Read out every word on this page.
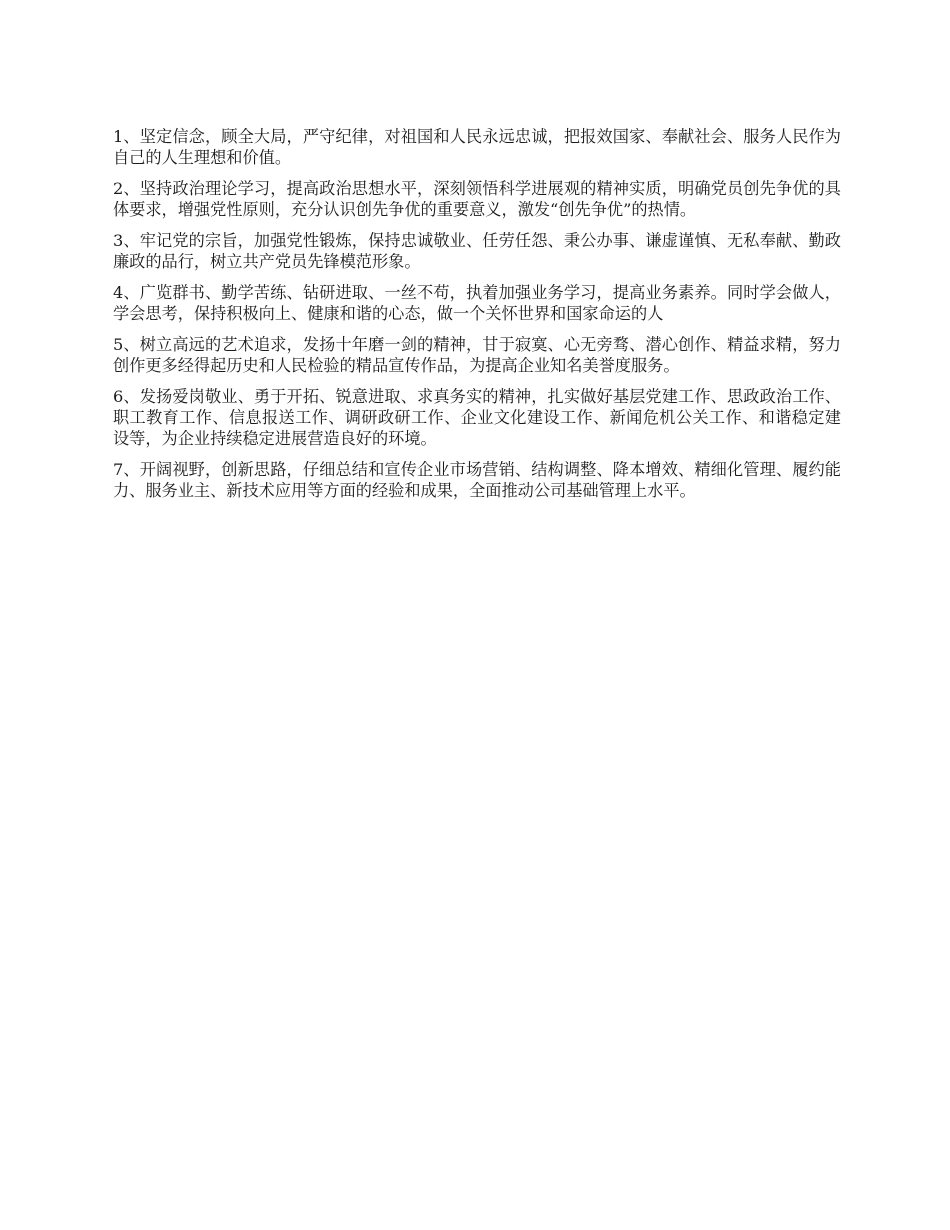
1、坚定信念，顾全大局，严守纪律，对祖国和人民永远忠诚，把报效国家、奉献社会、服务人民作为自己的人生理想和价值。

2、坚持政治理论学习，提高政治思想水平，深刻领悟科学进展观的精神实质，明确党员创先争优的具体要求，增强党性原则，充分认识创先争优的重要意义，激发“创先争优”的热情。

3、牢记党的宗旨，加强党性锻炼，保持忠诚敬业、任劳任怨、秉公办事、谦虚谨慎、无私奉献、勤政廉政的品行，树立共产党员先锋模范形象。

4、广览群书、勤学苦练、钻研进取、一丝不苟，执着加强业务学习，提高业务素养。同时学会做人，学会思考，保持积极向上、健康和谐的心态，做一个关怀世界和国家命运的人

5、树立高远的艺术追求，发扬十年磨一剑的精神，甘于寂寞、心无旁骛、潜心创作、精益求精，努力创作更多经得起历史和人民检验的精品宣传作品，为提高企业知名美誉度服务。

6、发扬爱岗敬业、勇于开拓、锐意进取、求真务实的精神，扎实做好基层党建工作、思政政治工作、职工教育工作、信息报送工作、调研政研工作、企业文化建设工作、新闻危机公关工作、和谐稳定建设等，为企业持续稳定进展营造良好的环境。

7、开阔视野，创新思路，仔细总结和宣传企业市场营销、结构调整、降本增效、精细化管理、履约能力、服务业主、新技术应用等方面的经验和成果，全面推动公司基础管理上水平。
